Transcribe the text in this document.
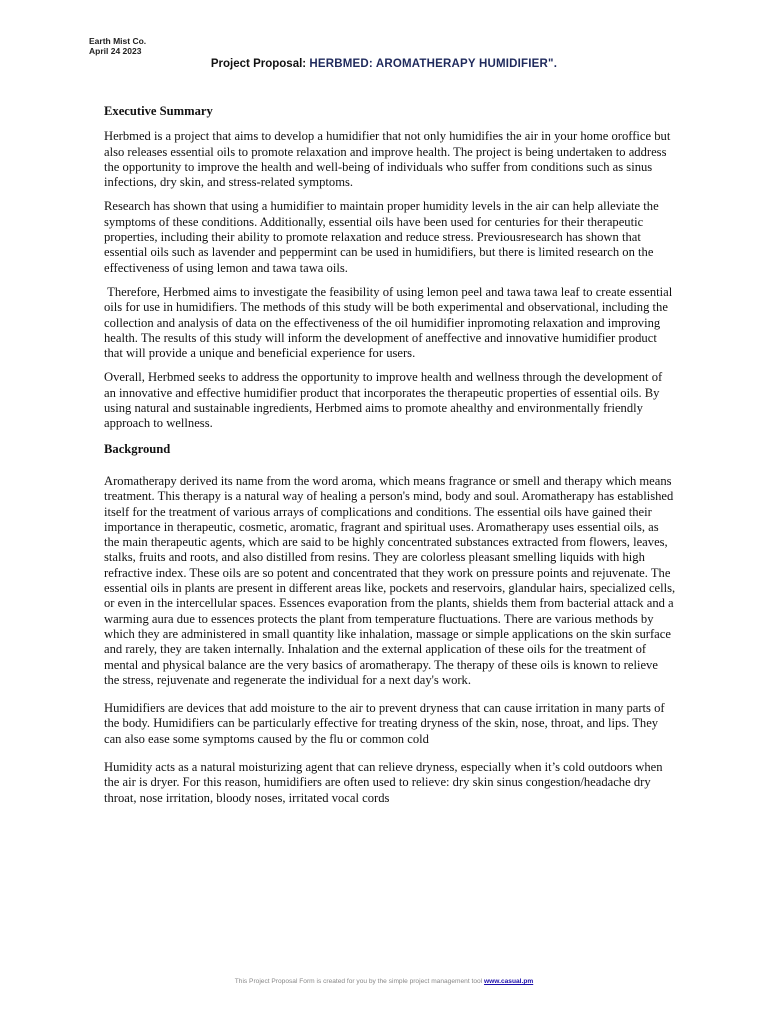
Earth Mist Co.
April 24 2023
Project Proposal: HERBMED: AROMATHERAPY HUMIDIFIER".
Executive Summary

Herbmed is a project that aims to develop a humidifier that not only humidifies the air in your home oroffice but also releases essential oils to promote relaxation and improve health. The project is being undertaken to address the opportunity to improve the health and well-being of individuals who suffer from conditions such as sinus infections, dry skin, and stress-related symptoms.

Research has shown that using a humidifier to maintain proper humidity levels in the air can help alleviate the symptoms of these conditions. Additionally, essential oils have been used for centuries for their therapeutic properties, including their ability to promote relaxation and reduce stress. Previousresearch has shown that essential oils such as lavender and peppermint can be used in humidifiers, but there is limited research on the effectiveness of using lemon and tawa tawa oils.

Therefore, Herbmed aims to investigate the feasibility of using lemon peel and tawa tawa leaf to create essential oils for use in humidifiers. The methods of this study will be both experimental and observational, including the collection and analysis of data on the effectiveness of the oil humidifier inpromoting relaxation and improving health. The results of this study will inform the development of aneffective and innovative humidifier product that will provide a unique and beneficial experience for users.

Overall, Herbmed seeks to address the opportunity to improve health and wellness through the development of an innovative and effective humidifier product that incorporates the therapeutic properties of essential oils. By using natural and sustainable ingredients, Herbmed aims to promote ahealthy and environmentally friendly approach to wellness.

Background

Aromatherapy derived its name from the word aroma, which means fragrance or smell and therapy which means treatment. This therapy is a natural way of healing a person's mind, body and soul. Aromatherapy has established itself for the treatment of various arrays of complications and conditions. The essential oils have gained their importance in therapeutic, cosmetic, aromatic, fragrant and spiritual uses. Aromatherapy uses essential oils, as the main therapeutic agents, which are said to be highly concentrated substances extracted from flowers, leaves, stalks, fruits and roots, and also distilled from resins. They are colorless pleasant smelling liquids with high refractive index. These oils are so potent and concentrated that they work on pressure points and rejuvenate. The essential oils in plants are present in different areas like, pockets and reservoirs, glandular hairs, specialized cells, or even in the intercellular spaces. Essences evaporation from the plants, shields them from bacterial attack and a warming aura due to essences protects the plant from temperature fluctuations. There are various methods by which they are administered in small quantity like inhalation, massage or simple applications on the skin surface and rarely, they are taken internally. Inhalation and the external application of these oils for the treatment of mental and physical balance are the very basics of aromatherapy. The therapy of these oils is known to relieve the stress, rejuvenate and regenerate the individual for a next day's work.

Humidifiers are devices that add moisture to the air to prevent dryness that can cause irritation in many parts of the body. Humidifiers can be particularly effective for treating dryness of the skin, nose, throat, and lips. They can also ease some symptoms caused by the flu or common cold

Humidity acts as a natural moisturizing agent that can relieve dryness, especially when it’s cold outdoors when the air is dryer. For this reason, humidifiers are often used to relieve: dry skin sinus congestion/headache dry throat, nose irritation, bloody noses, irritated vocal cords

This Project Proposal Form is created for you by the simple project management tool www.casual.pm
